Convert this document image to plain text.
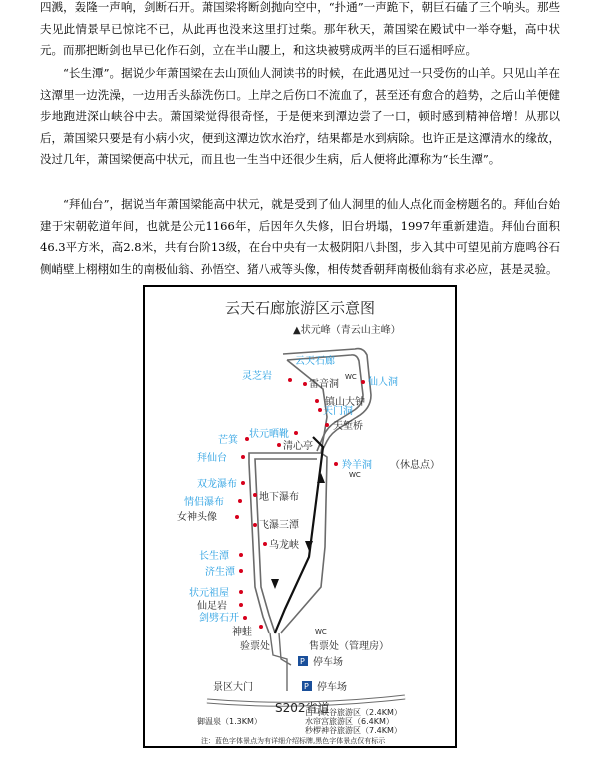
四溅，轰隆一声响，剑断石开。萧国梁将断剑抛向空中，“扑通”一声跪下，朝巨石磕了三个响头。那些夫见此情景早已惊诧不已，从此再也没来这里打过柴。那年秋天，萧国梁在殿试中一举夺魁，高中状元。而那把断剑也早已化作石剑，立在半山腰上，和这块被劈成两半的巨石遥相呼应。

“长生潭”。据说少年萧国梁在去山顶仙人洞读书的时候，在此遇见过一只受伤的山羊。只见山羊在这潭里一边洗澡，一边用舌头舔洗伤口。上岸之后伤口不流血了，甚至还有愈合的趋势，之后山羊便健步地跑进深山峡谷中去。萧国梁觉得很奇怪，于是便来到潭边尝了一口，顿时感到精神倍增！从那以后，萧国梁只要是有小病小灾，便到这潭边饮水治疗，结果都是水到病除。也许正是这潭清水的缘故，没过几年，萧国梁便高中状元，而且也一生当中还很少生病，后人便将此潭称为“长生潭”。

“拜仙台”，据说当年萧国梁能高中状元，就是受到了仙人洞里的仙人点化而金榜题名的。拜仙台始建于宋朝乾道年间，也就是公元1166年，后因年久失修，旧台坍塌，1997年重新建造。拜仙台面积46.3平方米，高2.8米，共有台阶13级，在台中央有一太极阴阳八卦图，步入其中可望见前方鹿鸣谷石侧峭壁上栩栩如生的南极仙翁、孙悟空、猪八戒等头像，相传焚香朝拜南极仙翁有求必应，甚是灵验。

云天石廊旅游区示意图
▲状元峰（青云山主峰）
云天石廊
仙人洞
灵芝岩
天门洞
状元晒靴
芒箕
拜仙台
羚羊洞
双龙瀑布
情侣瀑布
长生潭
济生潭
状元祖屋
剑劈石开
雷音洞
镇山大钟
天堑桥
清心亭
地下瀑布
女神头像
飞瀑三潭
乌龙峡
仙足岩
神蛙
验票处	售票处（管理房）
停车场
景区大门	停车场
（休息点）
WC
WC
WC
P
P
S202省道
御温泉（1.3KM）
白马峡谷旅游区（2.4KM）
水帘宫旅游区（6.4KM）
秒椤神谷旅游区（7.4KM）
注：蓝色字体景点为有详细介绍标牌,黑色字体景点仅有标示
